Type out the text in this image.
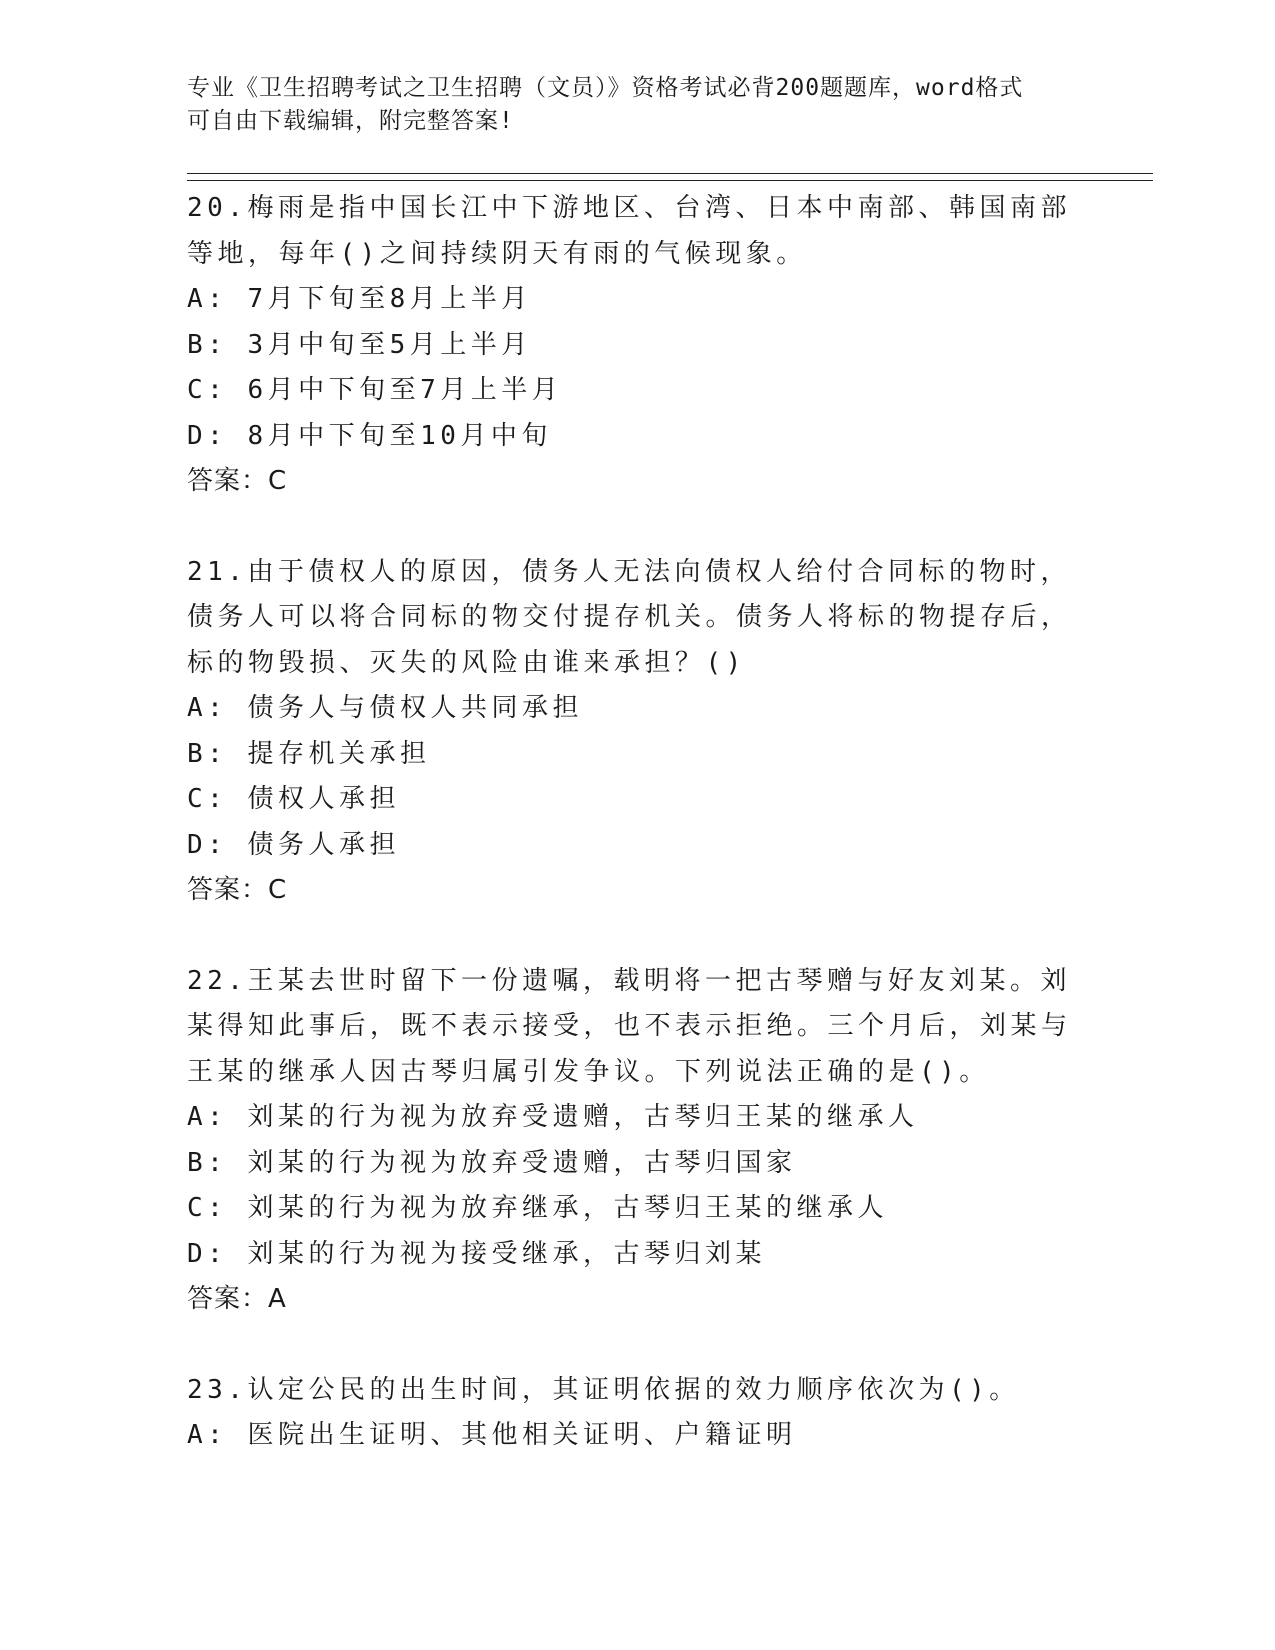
专业《卫生招聘考试之卫生招聘（文员）》资格考试必背200题题库，word格式
可自由下载编辑，附完整答案!

20.梅雨是指中国长江中下游地区、台湾、日本中南部、韩国南部等地，每年()之间持续阴天有雨的气候现象。

A: 7月下旬至8月上半月

B: 3月中旬至5月上半月

C: 6月中下旬至7月上半月

D: 8月中下旬至10月中旬

答案：C

21.由于债权人的原因，债务人无法向债权人给付合同标的物时，债务人可以将合同标的物交付提存机关。债务人将标的物提存后，标的物毁损、灭失的风险由谁来承担？()

A: 债务人与债权人共同承担

B: 提存机关承担

C: 债权人承担

D: 债务人承担

答案：C

22.王某去世时留下一份遗嘱，载明将一把古琴赠与好友刘某。刘某得知此事后，既不表示接受，也不表示拒绝。三个月后，刘某与王某的继承人因古琴归属引发争议。下列说法正确的是()。

A: 刘某的行为视为放弃受遗赠，古琴归王某的继承人

B: 刘某的行为视为放弃受遗赠，古琴归国家

C: 刘某的行为视为放弃继承，古琴归王某的继承人

D: 刘某的行为视为接受继承，古琴归刘某

答案：A

23.认定公民的出生时间，其证明依据的效力顺序依次为()。

A: 医院出生证明、其他相关证明、户籍证明
